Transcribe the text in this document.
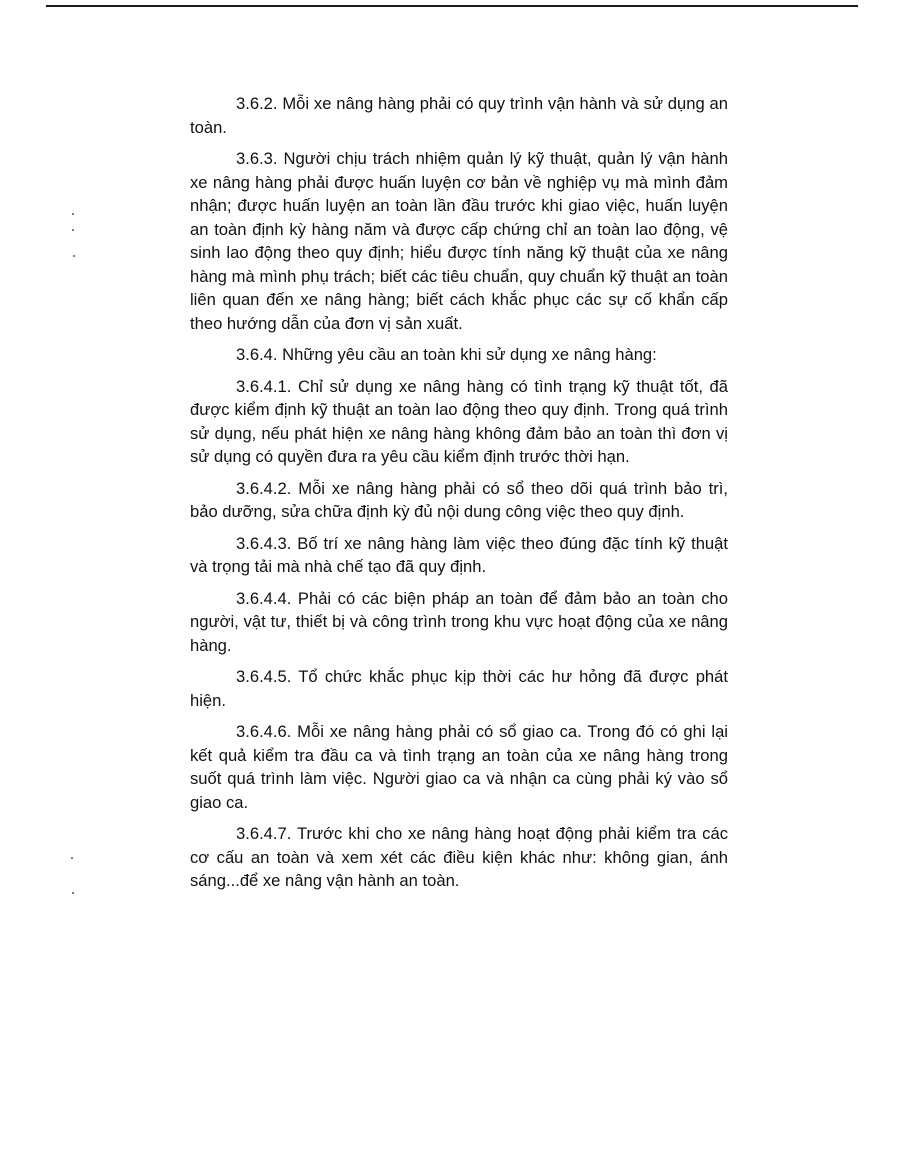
3.6.2. Mỗi xe nâng hàng phải có quy trình vận hành và sử dụng an toàn.

3.6.3. Người chịu trách nhiệm quản lý kỹ thuật, quản lý vận hành xe nâng hàng phải được huấn luyện cơ bản về nghiệp vụ mà mình đảm nhận; được huấn luyện an toàn lần đầu trước khi giao việc, huấn luyện an toàn định kỳ hàng năm và được cấp chứng chỉ an toàn lao động, vệ sinh lao động theo quy định; hiểu được tính năng kỹ thuật của xe nâng hàng mà mình phụ trách; biết các tiêu chuẩn, quy chuẩn kỹ thuật an toàn liên quan đến xe nâng hàng; biết cách khắc phục các sự cố khẩn cấp theo hướng dẫn của đơn vị sản xuất.

3.6.4. Những yêu cầu an toàn khi sử dụng xe nâng hàng:

3.6.4.1. Chỉ sử dụng xe nâng hàng có tình trạng kỹ thuật tốt, đã được kiểm định kỹ thuật an toàn lao động theo quy định. Trong quá trình sử dụng, nếu phát hiện xe nâng hàng không đảm bảo an toàn thì đơn vị sử dụng có quyền đưa ra yêu cầu kiểm định trước thời hạn.

3.6.4.2. Mỗi xe nâng hàng phải có sổ theo dõi quá trình bảo trì, bảo dưỡng, sửa chữa định kỳ đủ nội dung công việc theo quy định.

3.6.4.3. Bố trí xe nâng hàng làm việc theo đúng đặc tính kỹ thuật và trọng tải mà nhà chế tạo đã quy định.

3.6.4.4. Phải có các biện pháp an toàn để đảm bảo an toàn cho người, vật tư, thiết bị và công trình trong khu vực hoạt động của xe nâng hàng.

3.6.4.5. Tổ chức khắc phục kịp thời các hư hỏng đã được phát hiện.

3.6.4.6. Mỗi xe nâng hàng phải có sổ giao ca. Trong đó có ghi lại kết quả kiểm tra đầu ca và tình trạng an toàn của xe nâng hàng trong suốt quá trình làm việc. Người giao ca và nhận ca cùng phải ký vào sổ giao ca.

3.6.4.7. Trước khi cho xe nâng hàng hoạt động phải kiểm tra các cơ cấu an toàn và xem xét các điều kiện khác như: không gian, ánh sáng...để xe nâng vận hành an toàn.
